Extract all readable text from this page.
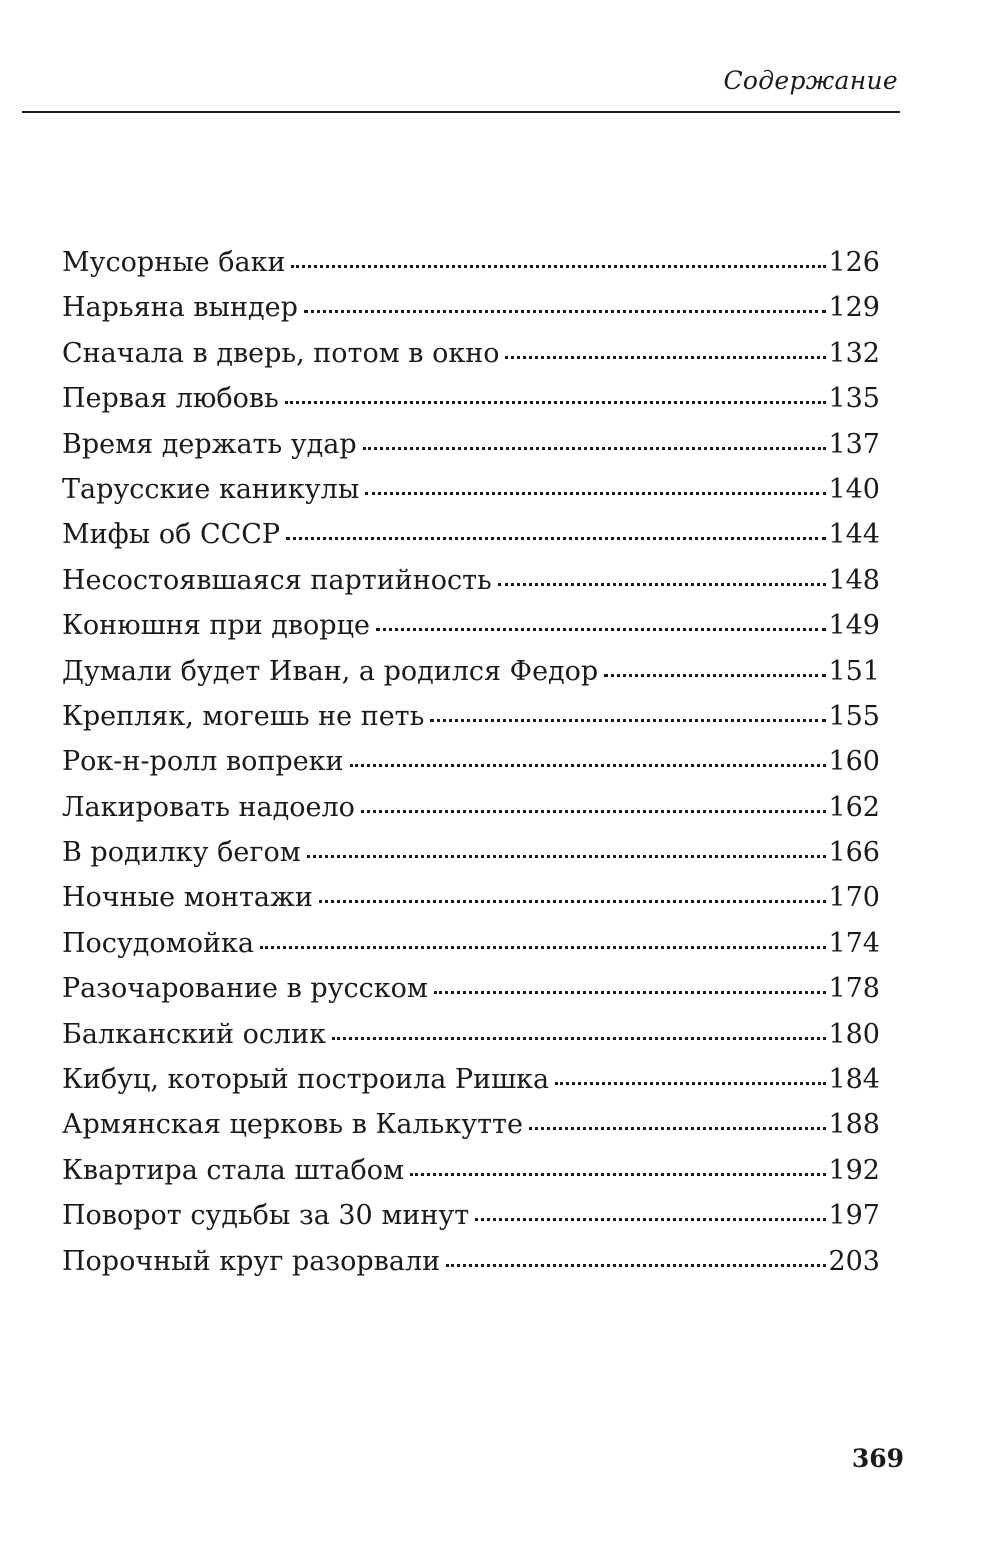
Содержание
Мусорные баки	126
Нарьяна вындер	129
Сначала в дверь, потом в окно	132
Первая любовь	135
Время держать удар	137
Тарусские каникулы	140
Мифы об СССР	144
Несостоявшаяся партийность	148
Конюшня при дворце	149
Думали будет Иван, а родился Федор	151
Крепляк, могешь не петь	155
Рок-н-ролл вопреки	160
Лакировать надоело	162
В родилку бегом	166
Ночные монтажи	170
Посудомойка	174
Разочарование в русском	178
Балканский ослик	180
Кибуц, который построила Ришка	184
Армянская церковь в Калькутте	188
Квартира стала штабом	192
Поворот судьбы за 30 минут	197
Порочный круг разорвали	203
369
